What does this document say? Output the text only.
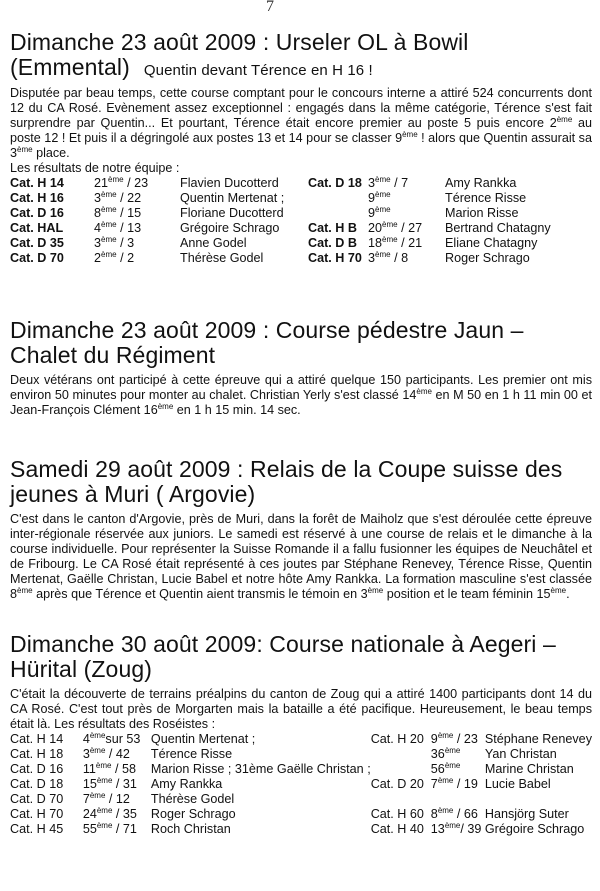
7
Dimanche 23 août 2009 : Urseler OL à Bowil (Emmental) Quentin devant Térence en H 16 !

Disputée par beau temps, cette course comptant pour le concours interne a attiré 524 concurrents dont 12 du CA Rosé. Evènement assez exceptionnel : engagés dans la même catégorie, Térence s'est fait surprendre par Quentin... Et pourtant, Térence était encore premier au poste 5 puis encore 2ème au poste 12 ! Et puis il a dégringolé aux postes 13 et 14 pour se classer 9ème ! alors que Quentin assurait sa 3ème place.

Les résultats de notre équipe :
Cat. H 14	21ème / 23	Flavien Ducotterd	Cat. D 18	3ème / 7	Amy Rankka
Cat. H 16	3ème / 22	Quentin Mertenat ;		9ème	Térence Risse
Cat. D 16	8ème / 15	Floriane Ducotterd		9ème	Marion Risse
Cat. HAL	4ème / 13	Grégoire Schrago	Cat. H B	20ème / 27	Bertrand Chatagny
Cat. D 35	3ème / 3	Anne Godel	Cat. D B	18ème / 21	Eliane Chatagny
Cat. D 70	2ème / 2	Thérèse Godel	Cat. H 70	3ème / 8	Roger Schrago
Dimanche 23 août 2009 : Course pédestre Jaun – Chalet du Régiment

Deux vétérans ont participé à cette épreuve qui a attiré quelque 150 participants. Les premier ont mis environ 50 minutes pour monter au chalet. Christian Yerly s'est classé 14ème en M 50 en 1 h 11 min 00 et Jean-François Clément 16ème en 1 h 15 min. 14 sec.

Samedi 29 août 2009 : Relais de la Coupe suisse des jeunes à Muri ( Argovie)

C'est dans le canton d'Argovie, près de Muri, dans la forêt de Maiholz que s'est déroulée cette épreuve inter-régionale réservée aux juniors. Le samedi est réservé à une course de relais et le dimanche à la course individuelle. Pour représenter la Suisse Romande il a fallu fusionner les équipes de Neuchâtel et de Fribourg. Le CA Rosé était représenté à ces joutes par Stéphane Renevey, Térence Risse, Quentin Mertenat, Gaëlle Christan, Lucie Babel et notre hôte Amy Rankka. La formation masculine s'est classée 8ème après que Térence et Quentin aient transmis le témoin en 3ème position et le team féminin 15ème.

Dimanche 30 août 2009: Course nationale à Aegeri – Hürital (Zoug)

C'était la découverte de terrains préalpins du canton de Zoug qui a attiré 1400 participants dont 14 du CA Rosé. C'est tout près de Morgarten mais la bataille a été pacifique. Heureusement, le beau temps était là. Les résultats des Roséistes :

Cat. H 14	4èmesur 53	Quentin Mertenat ;	Cat. H 20	9ème / 23	Stéphane Renevey
Cat. H 18	3ème / 42	Térence Risse		36ème	Yan Christan
Cat. D 16	11ème / 58	Marion Risse ; 31ème Gaëlle Christan ;		56ème	Marine Christan
Cat. D 18	15ème / 31	Amy Rankka	Cat. D 20	7ème / 19	Lucie Babel
Cat. D 70	7ème / 12	Thérèse Godel			
Cat. H 70	24ème / 35	Roger Schrago	Cat. H 60	8ème / 66	Hansjörg Suter
Cat. H 45	55ème / 71	Roch Christan	Cat. H 40	13ème/ 39	Grégoire Schrago
